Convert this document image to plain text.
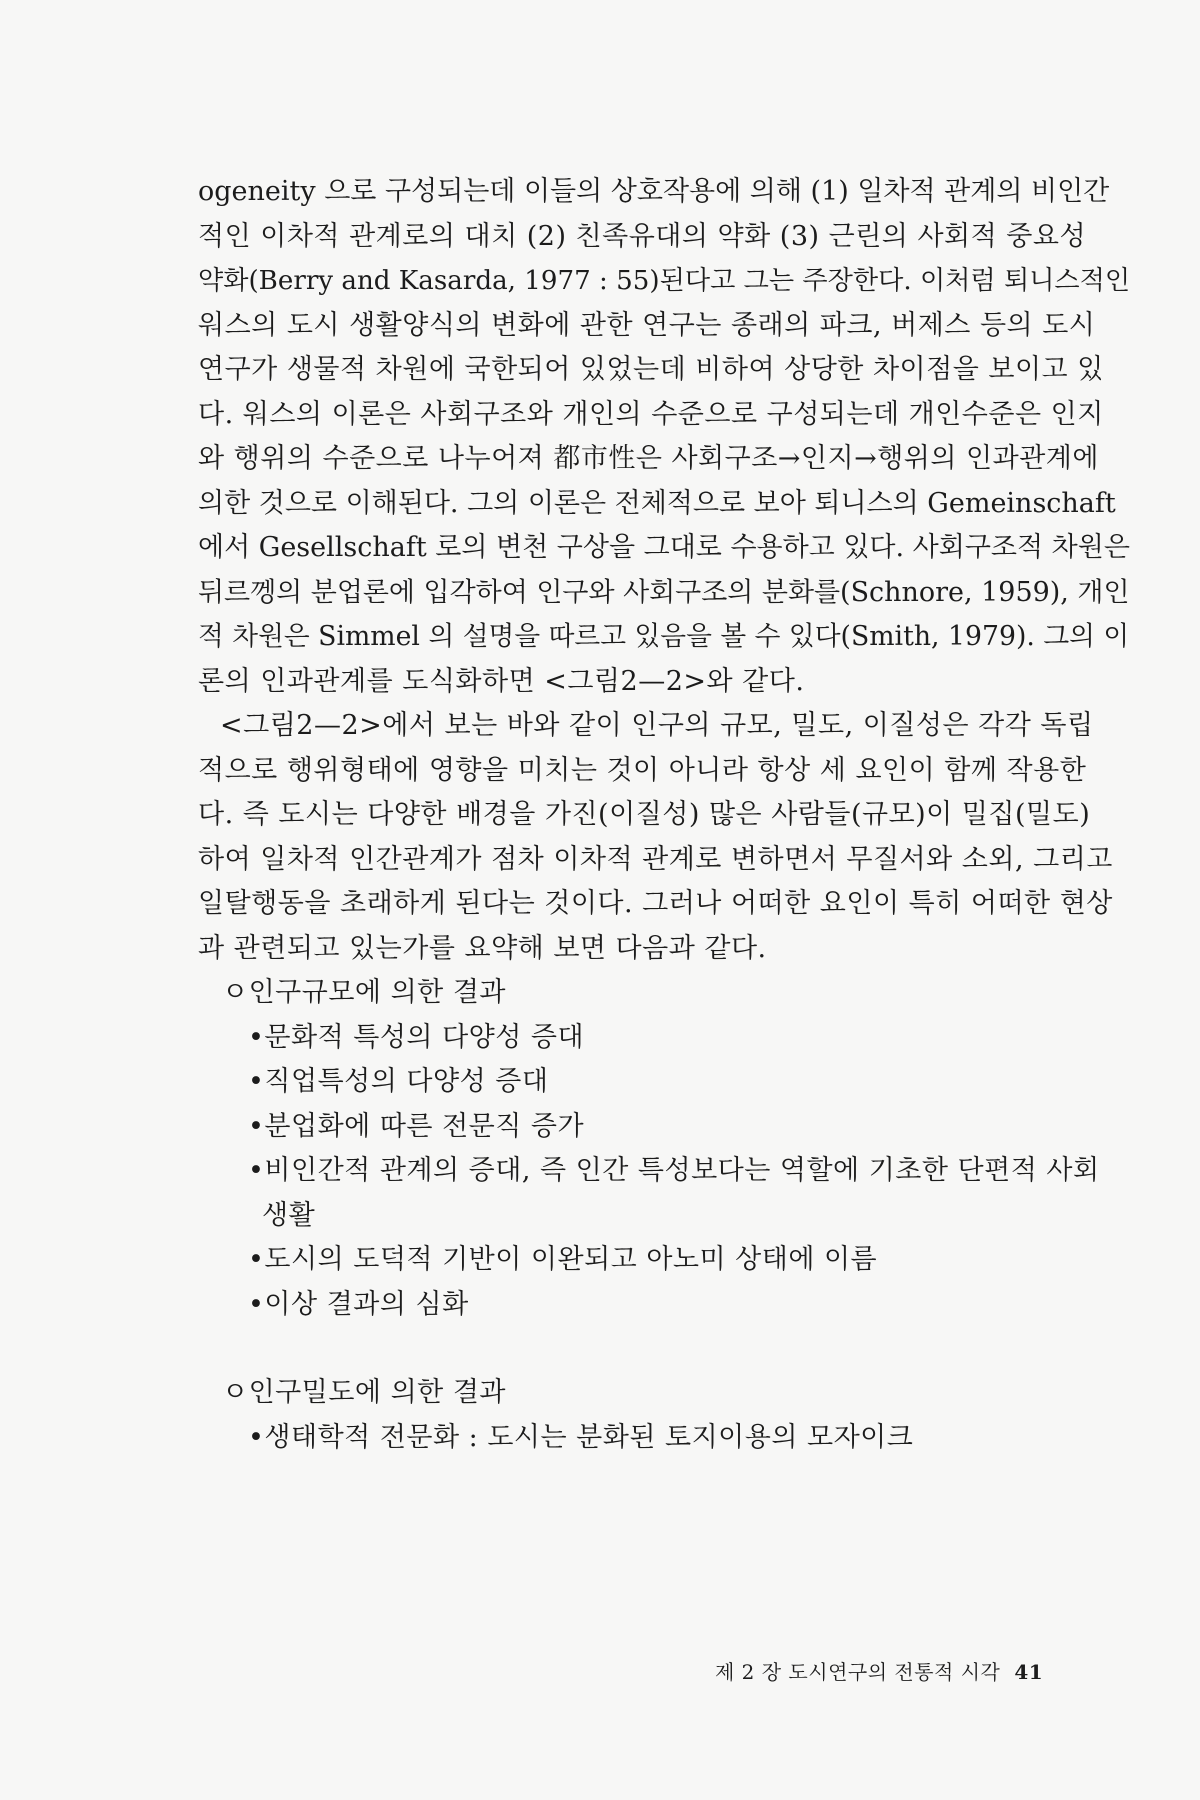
ogeneity 으로 구성되는데 이들의 상호작용에 의해 (1) 일차적 관계의 비인간
적인 이차적 관계로의 대치 (2) 친족유대의 약화 (3) 근린의 사회적 중요성
약화(Berry and Kasarda, 1977 : 55)된다고 그는 주장한다. 이처럼 퇴니스적인
워스의 도시 생활양식의 변화에 관한 연구는 종래의 파크, 버제스 등의 도시
연구가 생물적 차원에 국한되어 있었는데 비하여 상당한 차이점을 보이고 있
다. 워스의 이론은 사회구조와 개인의 수준으로 구성되는데 개인수준은 인지
와 행위의 수준으로 나누어져 都市性은 사회구조→인지→행위의 인과관계에
의한 것으로 이해된다. 그의 이론은 전체적으로 보아 퇴니스의 Gemeinschaft
에서 Gesellschaft 로의 변천 구상을 그대로 수용하고 있다. 사회구조적 차원은
뒤르껭의 분업론에 입각하여 인구와 사회구조의 분화를(Schnore, 1959), 개인
적 차원은 Simmel 의 설명을 따르고 있음을 볼 수 있다(Smith, 1979). 그의 이
론의 인과관계를 도식화하면 <그림2—2>와 같다.
<그림2—2>에서 보는 바와 같이 인구의 규모, 밀도, 이질성은 각각 독립
적으로 행위형태에 영향을 미치는 것이 아니라 항상 세 요인이 함께 작용한
다. 즉 도시는 다양한 배경을 가진(이질성) 많은 사람들(규모)이 밀집(밀도)
하여 일차적 인간관계가 점차 이차적 관계로 변하면서 무질서와 소외, 그리고
일탈행동을 초래하게 된다는 것이다. 그러나 어떠한 요인이 특히 어떠한 현상
과 관련되고 있는가를 요약해 보면 다음과 같다.
ㅇ인구규모에 의한 결과
•문화적 특성의 다양성 증대
•직업특성의 다양성 증대
•분업화에 따른 전문직 증가
•비인간적 관계의 증대, 즉 인간 특성보다는 역할에 기초한 단편적 사회
생활
•도시의 도덕적 기반이 이완되고 아노미 상태에 이름
•이상 결과의 심화
ㅇ인구밀도에 의한 결과
•생태학적 전문화 : 도시는 분화된 토지이용의 모자이크
제 2 장 도시연구의 전통적 시각 41
